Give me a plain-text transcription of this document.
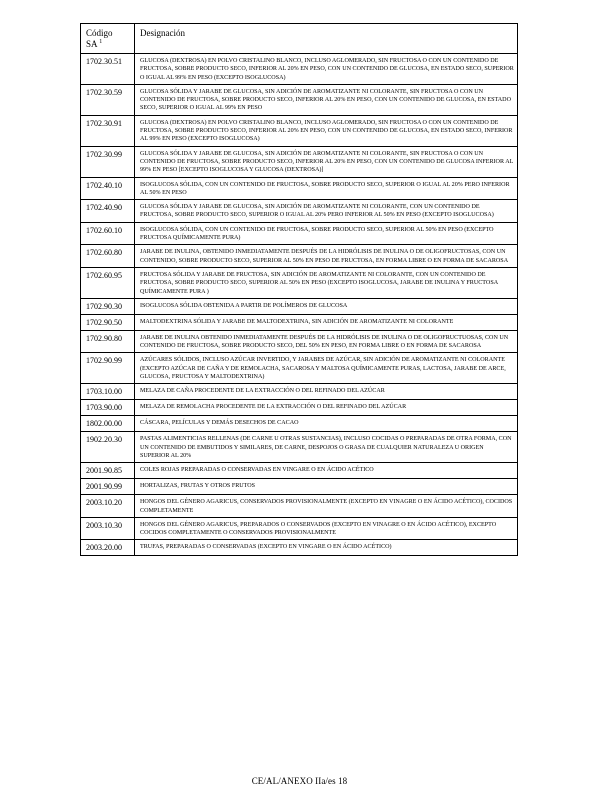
Código
SA $^1$	Designación
1702.30.51	GLUCOSA (DEXTROSA) EN POLVO CRISTALINO BLANCO, INCLUSO AGLOMERADO, SIN FRUCTOSA O CON UN CONTENIDO DE FRUCTOSA, SOBRE PRODUCTO SECO, INFERIOR AL 20% EN PESO, CON UN CONTENIDO DE GLUCOSA, EN ESTADO SECO, SUPERIOR O IGUAL AL 99% EN PESO (EXCEPTO ISOGLUCOSA)
1702.30.59	GLUCOSA SÓLIDA Y JARABE DE GLUCOSA, SIN ADICIÓN DE AROMATIZANTE NI COLORANTE, SIN FRUCTOSA O CON UN CONTENIDO DE FRUCTOSA, SOBRE PRODUCTO SECO, INFERIOR AL 20% EN PESO, CON UN CONTENIDO DE GLUCOSA, EN ESTADO SECO, SUPERIOR O IGUAL AL 99% EN PESO
1702.30.91	GLUCOSA (DEXTROSA) EN POLVO CRISTALINO BLANCO, INCLUSO AGLOMERADO, SIN FRUCTOSA O CON UN CONTENIDO DE FRUCTOSA, SOBRE PRODUCTO SECO, INFERIOR AL 20% EN PESO, CON UN CONTENIDO DE GLUCOSA, EN ESTADO SECO, INFERIOR AL 99% EN PESO (EXCEPTO ISOGLUCOSA)
1702.30.99	GLUCOSA SÓLIDA Y JARABE DE GLUCOSA, SIN ADICIÓN DE AROMATIZANTE NI COLORANTE, SIN FRUCTOSA O CON UN CONTENIDO DE FRUCTOSA, SOBRE PRODUCTO SECO, INFERIOR AL 20% EN PESO, CON UN CONTENIDO DE GLUCOSA INFERIOR AL 99% EN PESO [EXCEPTO ISOGLUCOSA Y GLUCOSA (DEXTROSA)]
1702.40.10	ISOGLUCOSA SÓLIDA, CON UN CONTENIDO DE FRUCTOSA, SOBRE PRODUCTO SECO, SUPERIOR O IGUAL AL 20% PERO INFERIOR AL 50% EN PESO
1702.40.90	GLUCOSA SÓLIDA Y JARABE DE GLUCOSA, SIN ADICIÓN DE AROMATIZANTE NI COLORANTE, CON UN CONTENIDO DE FRUCTOSA, SOBRE PRODUCTO SECO, SUPERIOR O IGUAL AL 20% PERO INFERIOR AL 50% EN PESO (EXCEPTO ISOGLUCOSA)
1702.60.10	ISOGLUCOSA SÓLIDA, CON UN CONTENIDO DE FRUCTOSA, SOBRE PRODUCTO SECO, SUPERIOR AL 50% EN PESO (EXCEPTO FRUCTOSA QUÍMICAMENTE PURA)
1702.60.80	JARABE DE INULINA, OBTENIDO INMEDIATAMENTE DESPUÉS DE LA HIDRÓLISIS DE INULINA O DE OLIGOFRUCTOSAS, CON UN CONTENIDO, SOBRE PRODUCTO SECO, SUPERIOR AL 50% EN PESO DE FRUCTOSA, EN FORMA LIBRE O EN FORMA DE SACAROSA
1702.60.95	FRUCTOSA SÓLIDA Y JARABE DE FRUCTOSA, SIN ADICIÓN DE AROMATIZANTE NI COLORANTE, CON UN CONTENIDO DE FRUCTOSA, SOBRE PRODUCTO SECO, SUPERIOR AL 50% EN PESO (EXCEPTO ISOGLUCOSA, JARABE DE INULINA Y FRUCTOSA QUÍMICAMENTE PURA )
1702.90.30	ISOGLUCOSA SÓLIDA OBTENIDA A PARTIR DE POLÍMEROS DE GLUCOSA
1702.90.50	MALTODEXTRINA SÓLIDA Y JARABE DE MALTODEXTRINA, SIN ADICIÓN DE AROMATIZANTE NI COLORANTE
1702.90.80	JARABE DE INULINA OBTENIDO INMEDIATAMENTE DESPUÉS DE LA HIDRÓLISIS DE INULINA O DE OLIGOFRUCTUOSAS, CON UN CONTENIDO DE FRUCTOSA, SOBRE PRODUCTO SECO, DEL 50% EN PESO, EN FORMA LIBRE O EN FORMA DE SACAROSA
1702.90.99	AZÚCARES SÓLIDOS, INCLUSO AZÚCAR INVERTIDO, Y JARABES DE AZÚCAR, SIN ADICIÓN DE AROMATIZANTE NI COLORANTE (EXCEPTO AZÚCAR DE CAÑA Y DE REMOLACHA, SACAROSA Y MALTOSA QUÍMICAMENTE PURAS, LACTOSA, JARABE DE ARCE, GLUCOSA, FRUCTOSA Y MALTODEXTRINA)
1703.10.00	MELAZA DE CAÑA PROCEDENTE DE LA EXTRACCIÓN O DEL REFINADO DEL AZÚCAR
1703.90.00	MELAZA DE REMOLACHA PROCEDENTE DE LA EXTRACCIÓN O DEL REFINADO DEL AZÚCAR
1802.00.00	CÁSCARA, PELÍCULAS Y DEMÁS DESECHOS DE CACAO
1902.20.30	PASTAS ALIMENTICIAS RELLENAS (DE CARNE U OTRAS SUSTANCIAS), INCLUSO COCIDAS O PREPARADAS DE OTRA FORMA, CON UN CONTENIDO DE EMBUTIDOS Y SIMILARES, DE CARNE, DESPOJOS O GRASA DE CUALQUIER NATURALEZA U ORIGEN SUPERIOR AL 20%
2001.90.85	COLES ROJAS PREPARADAS O CONSERVADAS EN VINGARE O EN ÁCIDO ACÉTICO
2001.90.99	HORTALIZAS, FRUTAS Y OTROS FRUTOS
2003.10.20	HONGOS DEL GÉNERO AGARICUS, CONSERVADOS PROVISIONALMENTE (EXCEPTO EN VINAGRE O EN ÁCIDO ACÉTICO), COCIDOS COMPLETAMENTE
2003.10.30	HONGOS DEL GÉNERO AGARICUS, PREPARADOS O CONSERVADOS (EXCEPTO EN VINAGRE O EN ÁCIDO ACÉTICO), EXCEPTO COCIDOS COMPLETAMENTE O CONSERVADOS PROVISIONALMENTE
2003.20.00	TRUFAS, PREPARADAS O CONSERVADAS (EXCEPTO EN VINGARE O EN ÁCIDO ACÉTICO)
CE/AL/ANEXO IIa/es 18
